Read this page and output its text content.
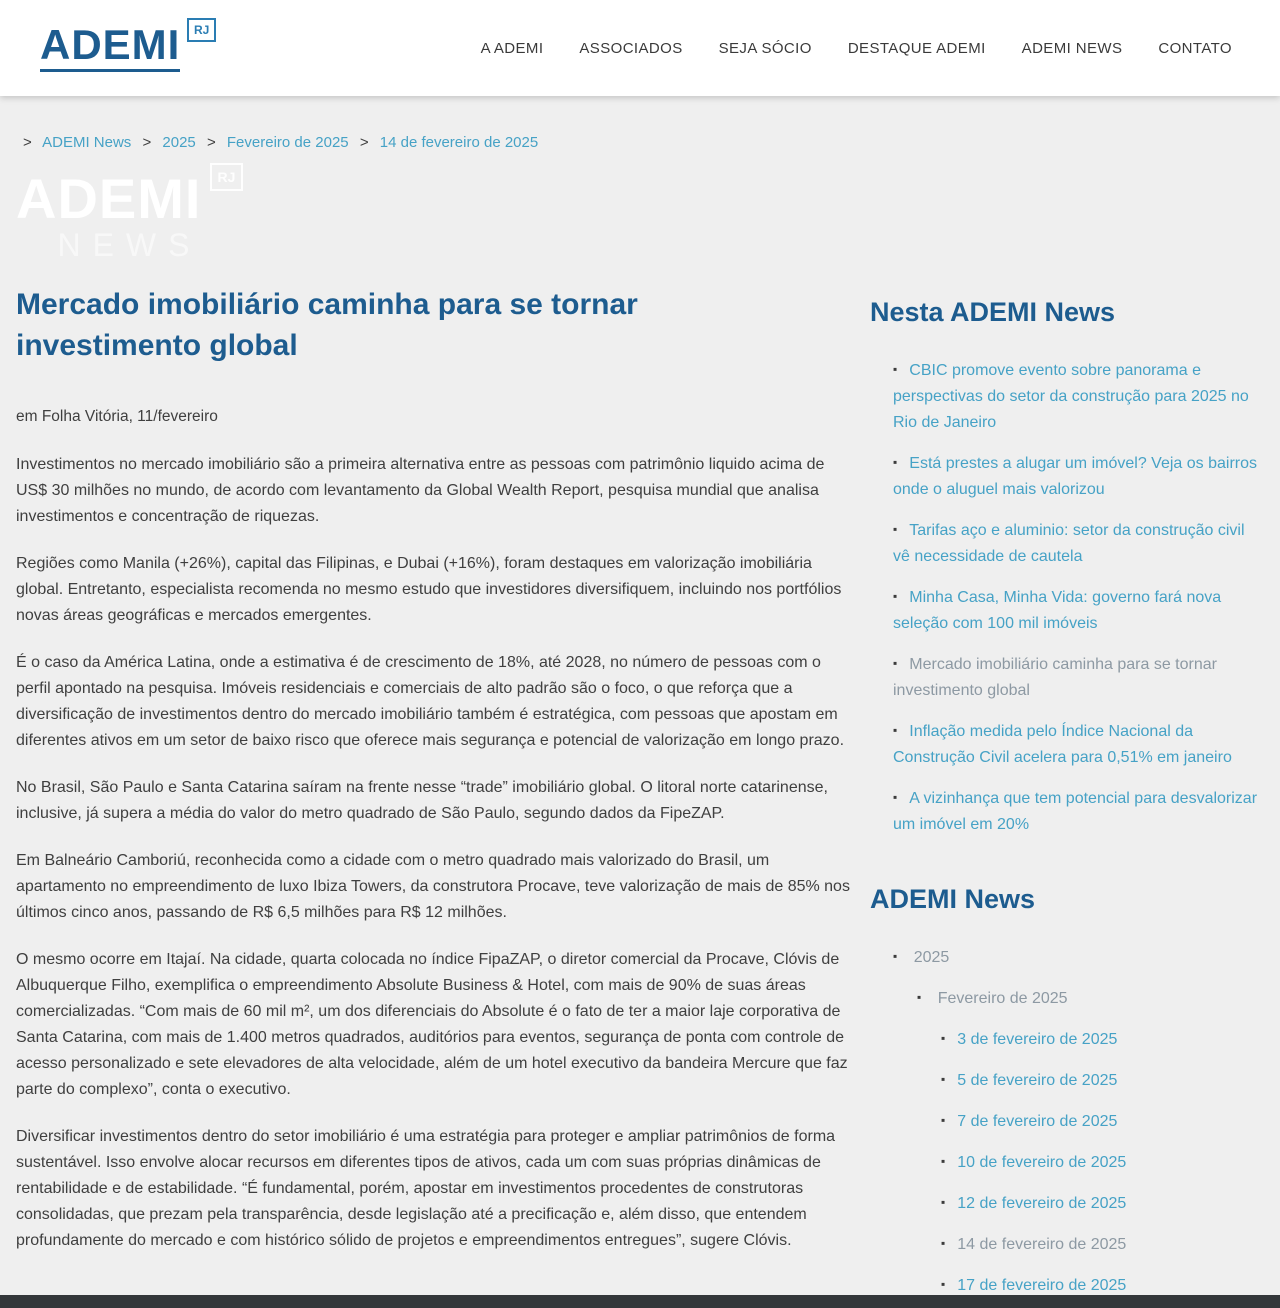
ADEMI	RJ
A ADEMI ASSOCIADOS SEJA SÓCIO DESTAQUE ADEMI ADEMI NEWS CONTATO
> ADEMI News > 2025 > Fevereiro de 2025 > 14 de fevereiro de 2025
ADEMI	RJ
NEWS
Mercado imobiliário caminha para se tornar investimento global

em Folha Vitória, 11/fevereiro

Investimentos no mercado imobiliário são a primeira alternativa entre as pessoas com patrimônio liquido acima de US$ 30 milhões no mundo, de acordo com levantamento da Global Wealth Report, pesquisa mundial que analisa investimentos e concentração de riquezas.

Regiões como Manila (+26%), capital das Filipinas, e Dubai (+16%), foram destaques em valorização imobiliária global. Entretanto, especialista recomenda no mesmo estudo que investidores diversifiquem, incluindo nos portfólios novas áreas geográficas e mercados emergentes.

É o caso da América Latina, onde a estimativa é de crescimento de 18%, até 2028, no número de pessoas com o perfil apontado na pesquisa. Imóveis residenciais e comerciais de alto padrão são o foco, o que reforça que a diversificação de investimentos dentro do mercado imobiliário também é estratégica, com pessoas que apostam em diferentes ativos em um setor de baixo risco que oferece mais segurança e potencial de valorização em longo prazo.

No Brasil, São Paulo e Santa Catarina saíram na frente nesse “trade” imobiliário global. O litoral norte catarinense, inclusive, já supera a média do valor do metro quadrado de São Paulo, segundo dados da FipeZAP.

Em Balneário Camboriú, reconhecida como a cidade com o metro quadrado mais valorizado do Brasil, um apartamento no empreendimento de luxo Ibiza Towers, da construtora Procave, teve valorização de mais de 85% nos últimos cinco anos, passando de R$ 6,5 milhões para R$ 12 milhões.

O mesmo ocorre em Itajaí. Na cidade, quarta colocada no índice FipaZAP, o diretor comercial da Procave, Clóvis de Albuquerque Filho, exemplifica o empreendimento Absolute Business & Hotel, com mais de 90% de suas áreas comercializadas. “Com mais de 60 mil m², um dos diferenciais do Absolute é o fato de ter a maior laje corporativa de Santa Catarina, com mais de 1.400 metros quadrados, auditórios para eventos, segurança de ponta com controle de acesso personalizado e sete elevadores de alta velocidade, além de um hotel executivo da bandeira Mercure que faz parte do complexo”, conta o executivo.

Diversificar investimentos dentro do setor imobiliário é uma estratégia para proteger e ampliar patrimônios de forma sustentável. Isso envolve alocar recursos em diferentes tipos de ativos, cada um com suas próprias dinâmicas de rentabilidade e de estabilidade. “É fundamental, porém, apostar em investimentos procedentes de construtoras consolidadas, que prezam pela transparência, desde legislação até a precificação e, além disso, que entendem profundamente do mercado e com histórico sólido de projetos e empreendimentos entregues”, sugere Clóvis.

Nesta ADEMI News
▪ CBIC promove evento sobre panorama e perspectivas do setor da construção para 2025 no Rio de Janeiro
▪ Está prestes a alugar um imóvel? Veja os bairros onde o aluguel mais valorizou
▪ Tarifas aço e aluminio: setor da construção civil vê necessidade de cautela
▪ Minha Casa, Minha Vida: governo fará nova seleção com 100 mil imóveis
▪ Mercado imobiliário caminha para se tornar investimento global
▪ Inflação medida pelo Índice Nacional da Construção Civil acelera para 0,51% em janeiro
▪ A vizinhança que tem potencial para desvalorizar um imóvel em 20%
ADEMI News
▪ 2025
▪ Fevereiro de 2025
▪ 3 de fevereiro de 2025
▪ 5 de fevereiro de 2025
▪ 7 de fevereiro de 2025
▪ 10 de fevereiro de 2025
▪ 12 de fevereiro de 2025
▪ 14 de fevereiro de 2025
▪ 17 de fevereiro de 2025
